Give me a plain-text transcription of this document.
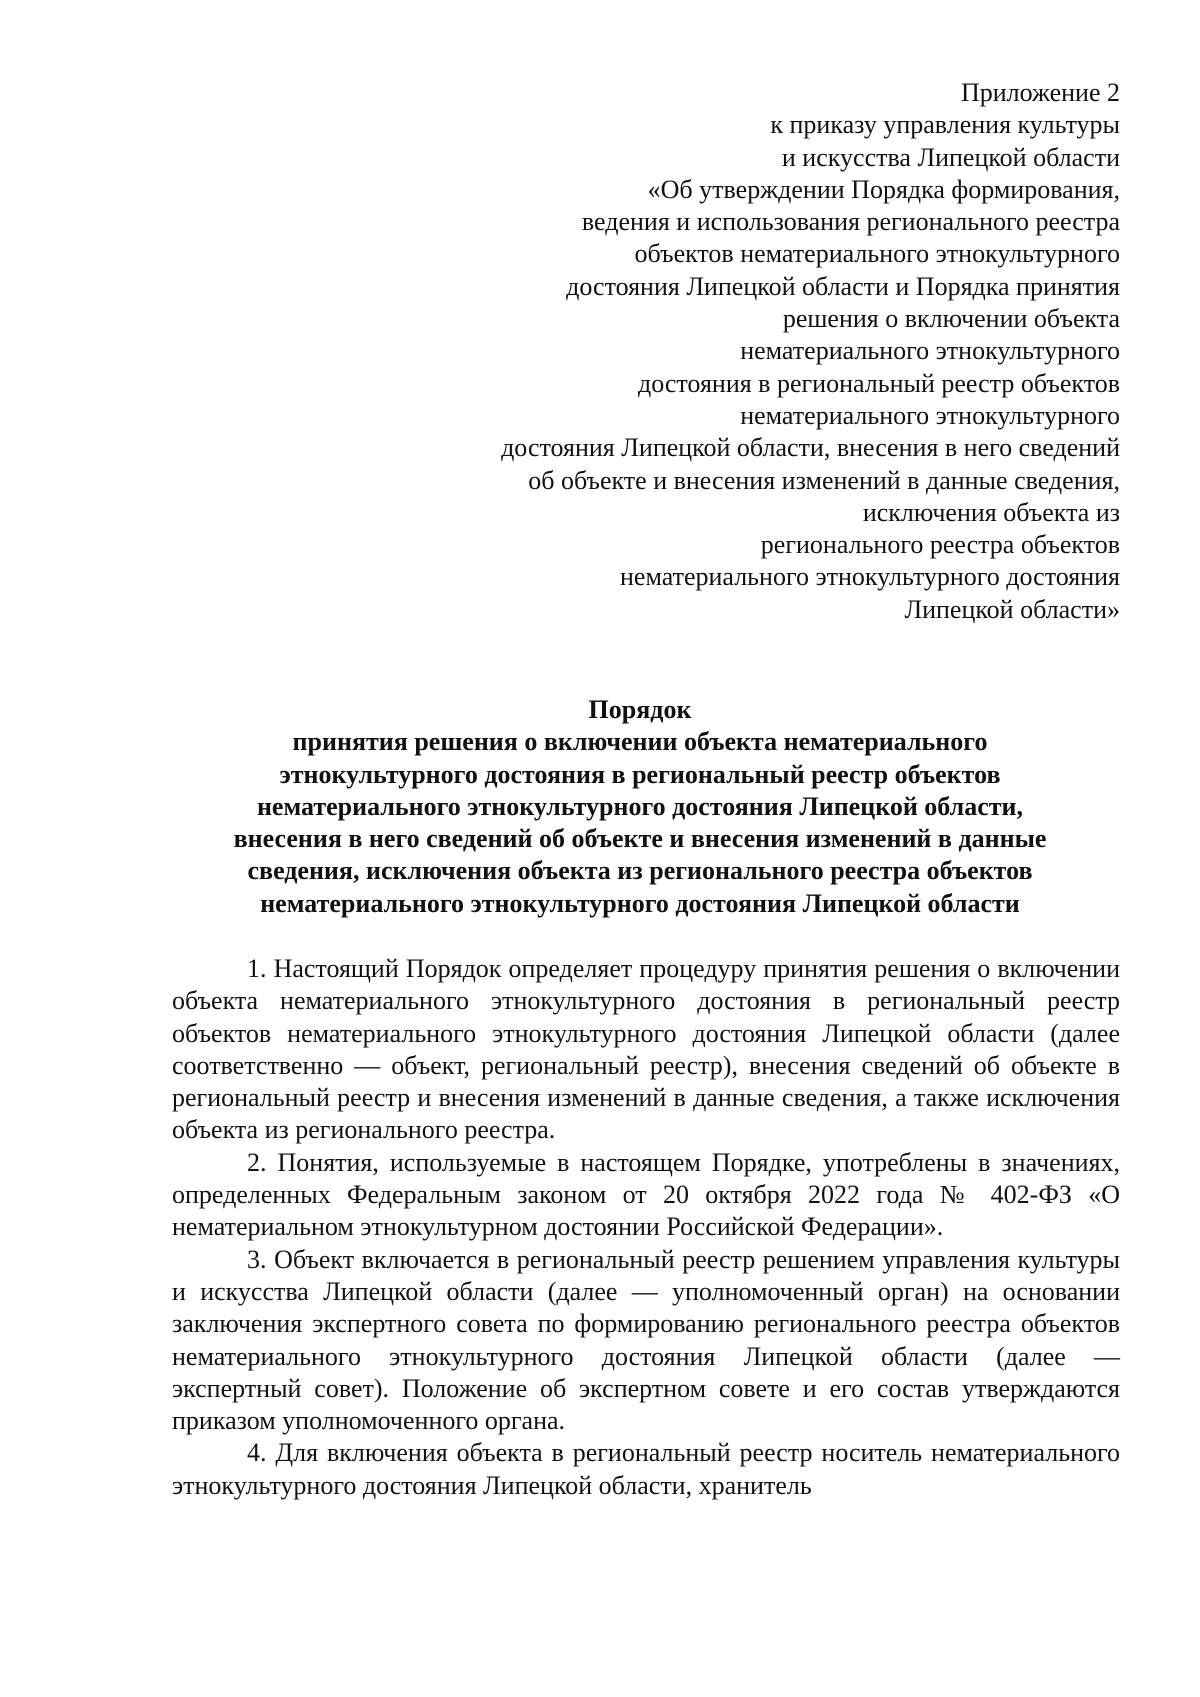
Приложение 2
к приказу управления культуры
и искусства Липецкой области
«Об утверждении Порядка формирования,
ведения и использования регионального реестра
объектов нематериального этнокультурного
достояния Липецкой области и Порядка принятия
решения о включении объекта
нематериального этнокультурного
достояния в региональный реестр объектов
нематериального этнокультурного
достояния Липецкой области, внесения в него сведений
об объекте и внесения изменений в данные сведения,
исключения объекта из
регионального реестра объектов
нематериального этнокультурного достояния
Липецкой области»
Порядок
принятия решения о включении объекта нематериального
этнокультурного достояния в региональный реестр объектов
нематериального этнокультурного достояния Липецкой области,
внесения в него сведений об объекте и внесения изменений в данные
сведения, исключения объекта из регионального реестра объектов
нематериального этнокультурного достояния Липецкой области

1. Настоящий Порядок определяет процедуру принятия решения о включении объекта нематериального этнокультурного достояния в региональный реестр объектов нематериального этнокультурного достояния Липецкой области (далее соответственно — объект, региональный реестр), внесения сведений об объекте в региональный реестр и внесения изменений в данные сведения, а также исключения объекта из регионального реестра.

2. Понятия, используемые в настоящем Порядке, употреблены в значениях, определенных Федеральным законом от 20 октября 2022 года № 402-ФЗ «О нематериальном этнокультурном достоянии Российской Федерации».

3. Объект включается в региональный реестр решением управления культуры и искусства Липецкой области (далее — уполномоченный орган) на основании заключения экспертного совета по формированию регионального реестра объектов нематериального этнокультурного достояния Липецкой области (далее — экспертный совет). Положение об экспертном совете и его состав утверждаются приказом уполномоченного органа.

4. Для включения объекта в региональный реестр носитель нематериального этнокультурного достояния Липецкой области, хранитель
